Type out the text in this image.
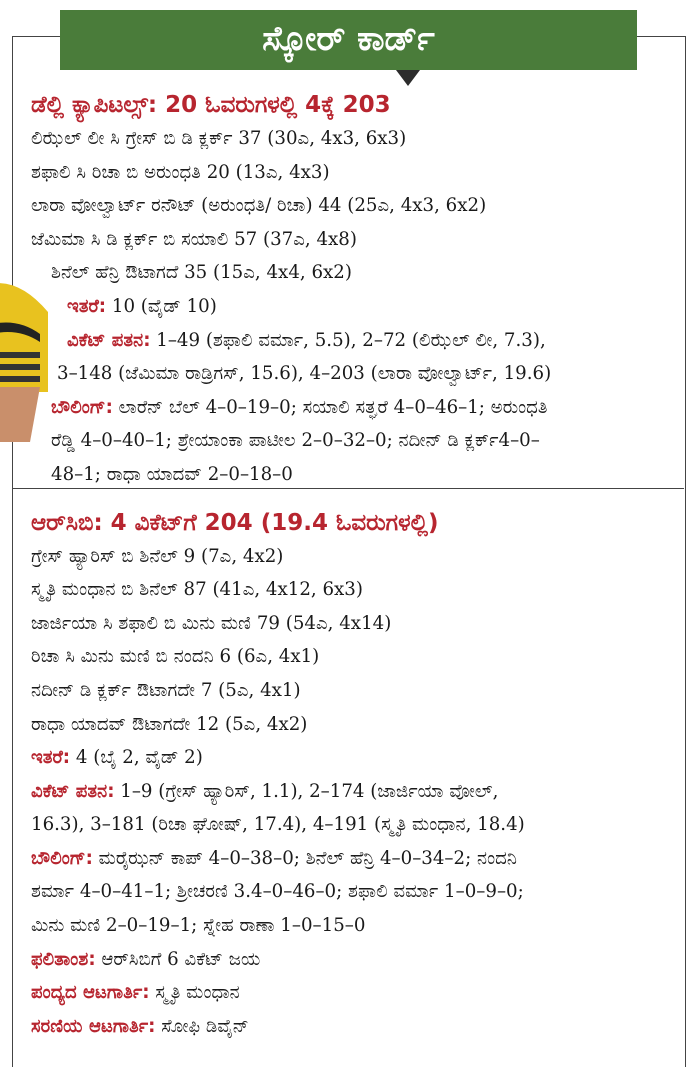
ಸ್ಕೋರ್ ಕಾರ್ಡ್
ಡೆಲ್ಲಿ ಕ್ಯಾಪಿಟಲ್ಸ್: 20 ಓವರುಗಳಲ್ಲಿ 4ಕ್ಕೆ 203
ಲಿಝೆಲ್ ಲೀ ಸಿ ಗ್ರೇಸ್ ಬಿ ಡಿ ಕ್ಲರ್ಕ್ 37 (30ಎ, 4x3, 6x3)
ಶಫಾಲಿ ಸಿ ರಿಚಾ ಬಿ ಅರುಂಧತಿ 20 (13ಎ, 4x3)
ಲಾರಾ ವೋಲ್ವಾರ್ಟ್ ರನೌಟ್ (ಅರುಂಧತಿ/ ರಿಚಾ) 44 (25ಎ, 4x3, 6x2)
ಜೆಮಿಮಾ ಸಿ ಡಿ ಕ್ಲರ್ಕ್ ಬಿ ಸಯಾಲಿ 57 (37ಎ, 4x8)
ಶಿನೆಲ್ ಹೆನ್ರಿ ಔಟಾಗದೆ 35 (15ಎ, 4x4, 6x2)
ಇತರೆ: 10 (ವೈಡ್ 10)
ವಿಕೆಟ್ ಪತನ: 1–49 (ಶಫಾಲಿ ವರ್ಮಾ, 5.5), 2–72 (ಲಿಝೆಲ್ ಲೀ, 7.3),
3–148 (ಜೆಮಿಮಾ ರಾಡ್ರಿಗಸ್, 15.6), 4–203 (ಲಾರಾ ವೋಲ್ವಾರ್ಟ್, 19.6)
ಬೌಲಿಂಗ್: ಲಾರೆನ್ ಬೆಲ್ 4–0–19–0; ಸಯಾಲಿ ಸತ್ಘರೆ 4–0–46–1; ಅರುಂಧತಿ
ರೆಡ್ಡಿ 4–0–40–1; ಶ್ರೇಯಾಂಕಾ ಪಾಟೀಲ 2–0–32–0; ನದೀನ್ ಡಿ ಕ್ಲರ್ಕ್4–0–
48–1; ರಾಧಾ ಯಾದವ್ 2–0–18–0
ಆರ್‌ಸಿಬಿ: 4 ವಿಕೆಟ್‌ಗೆ 204 (19.4 ಓವರುಗಳಲ್ಲಿ)
ಗ್ರೇಸ್ ಹ್ಯಾರಿಸ್ ಬಿ ಶಿನೆಲ್ 9 (7ಎ, 4x2)
ಸ್ಮೃತಿ ಮಂಧಾನ ಬಿ ಶಿನೆಲ್ 87 (41ಎ, 4x12, 6x3)
ಜಾರ್ಜಿಯಾ ಸಿ ಶಫಾಲಿ ಬಿ ಮಿನು ಮಣಿ 79 (54ಎ, 4x14)
ರಿಚಾ ಸಿ ಮಿನು ಮಣಿ ಬಿ ನಂದನಿ 6 (6ಎ, 4x1)
ನದೀನ್ ಡಿ ಕ್ಲರ್ಕ್ ಔಟಾಗದೇ 7 (5ಎ, 4x1)
ರಾಧಾ ಯಾದವ್ ಔಟಾಗದೇ 12 (5ಎ, 4x2)
ಇತರೆ: 4 (ಬೈ 2, ವೈಡ್ 2)
ವಿಕೆಟ್ ಪತನ: 1–9 (ಗ್ರೇಸ್ ಹ್ಯಾರಿಸ್, 1.1), 2–174 (ಜಾರ್ಜಿಯಾ ವೋಲ್,
16.3), 3–181 (ರಿಚಾ ಘೋಷ್, 17.4), 4–191 (ಸ್ಮೃತಿ ಮಂಧಾನ, 18.4)
ಬೌಲಿಂಗ್: ಮರೈಝನ್ ಕಾಪ್ 4–0–38–0; ಶಿನೆಲ್ ಹೆನ್ರಿ 4–0–34–2; ನಂದನಿ
ಶರ್ಮಾ 4–0–41–1; ಶ್ರೀಚರಣಿ 3.4–0–46–0; ಶಫಾಲಿ ವರ್ಮಾ 1–0–9–0;
ಮಿನು ಮಣಿ 2–0–19–1; ಸ್ನೇಹ ರಾಣಾ 1–0–15–0
ಫಲಿತಾಂಶ: ಆರ್‌ಸಿಬಿಗೆ 6 ವಿಕೆಟ್ ಜಯ
ಪಂದ್ಯದ ಆಟಗಾರ್ತಿ: ಸ್ಮೃತಿ ಮಂಧಾನ
ಸರಣಿಯ ಆಟಗಾರ್ತಿ: ಸೋಫಿ ಡಿವೈನ್
